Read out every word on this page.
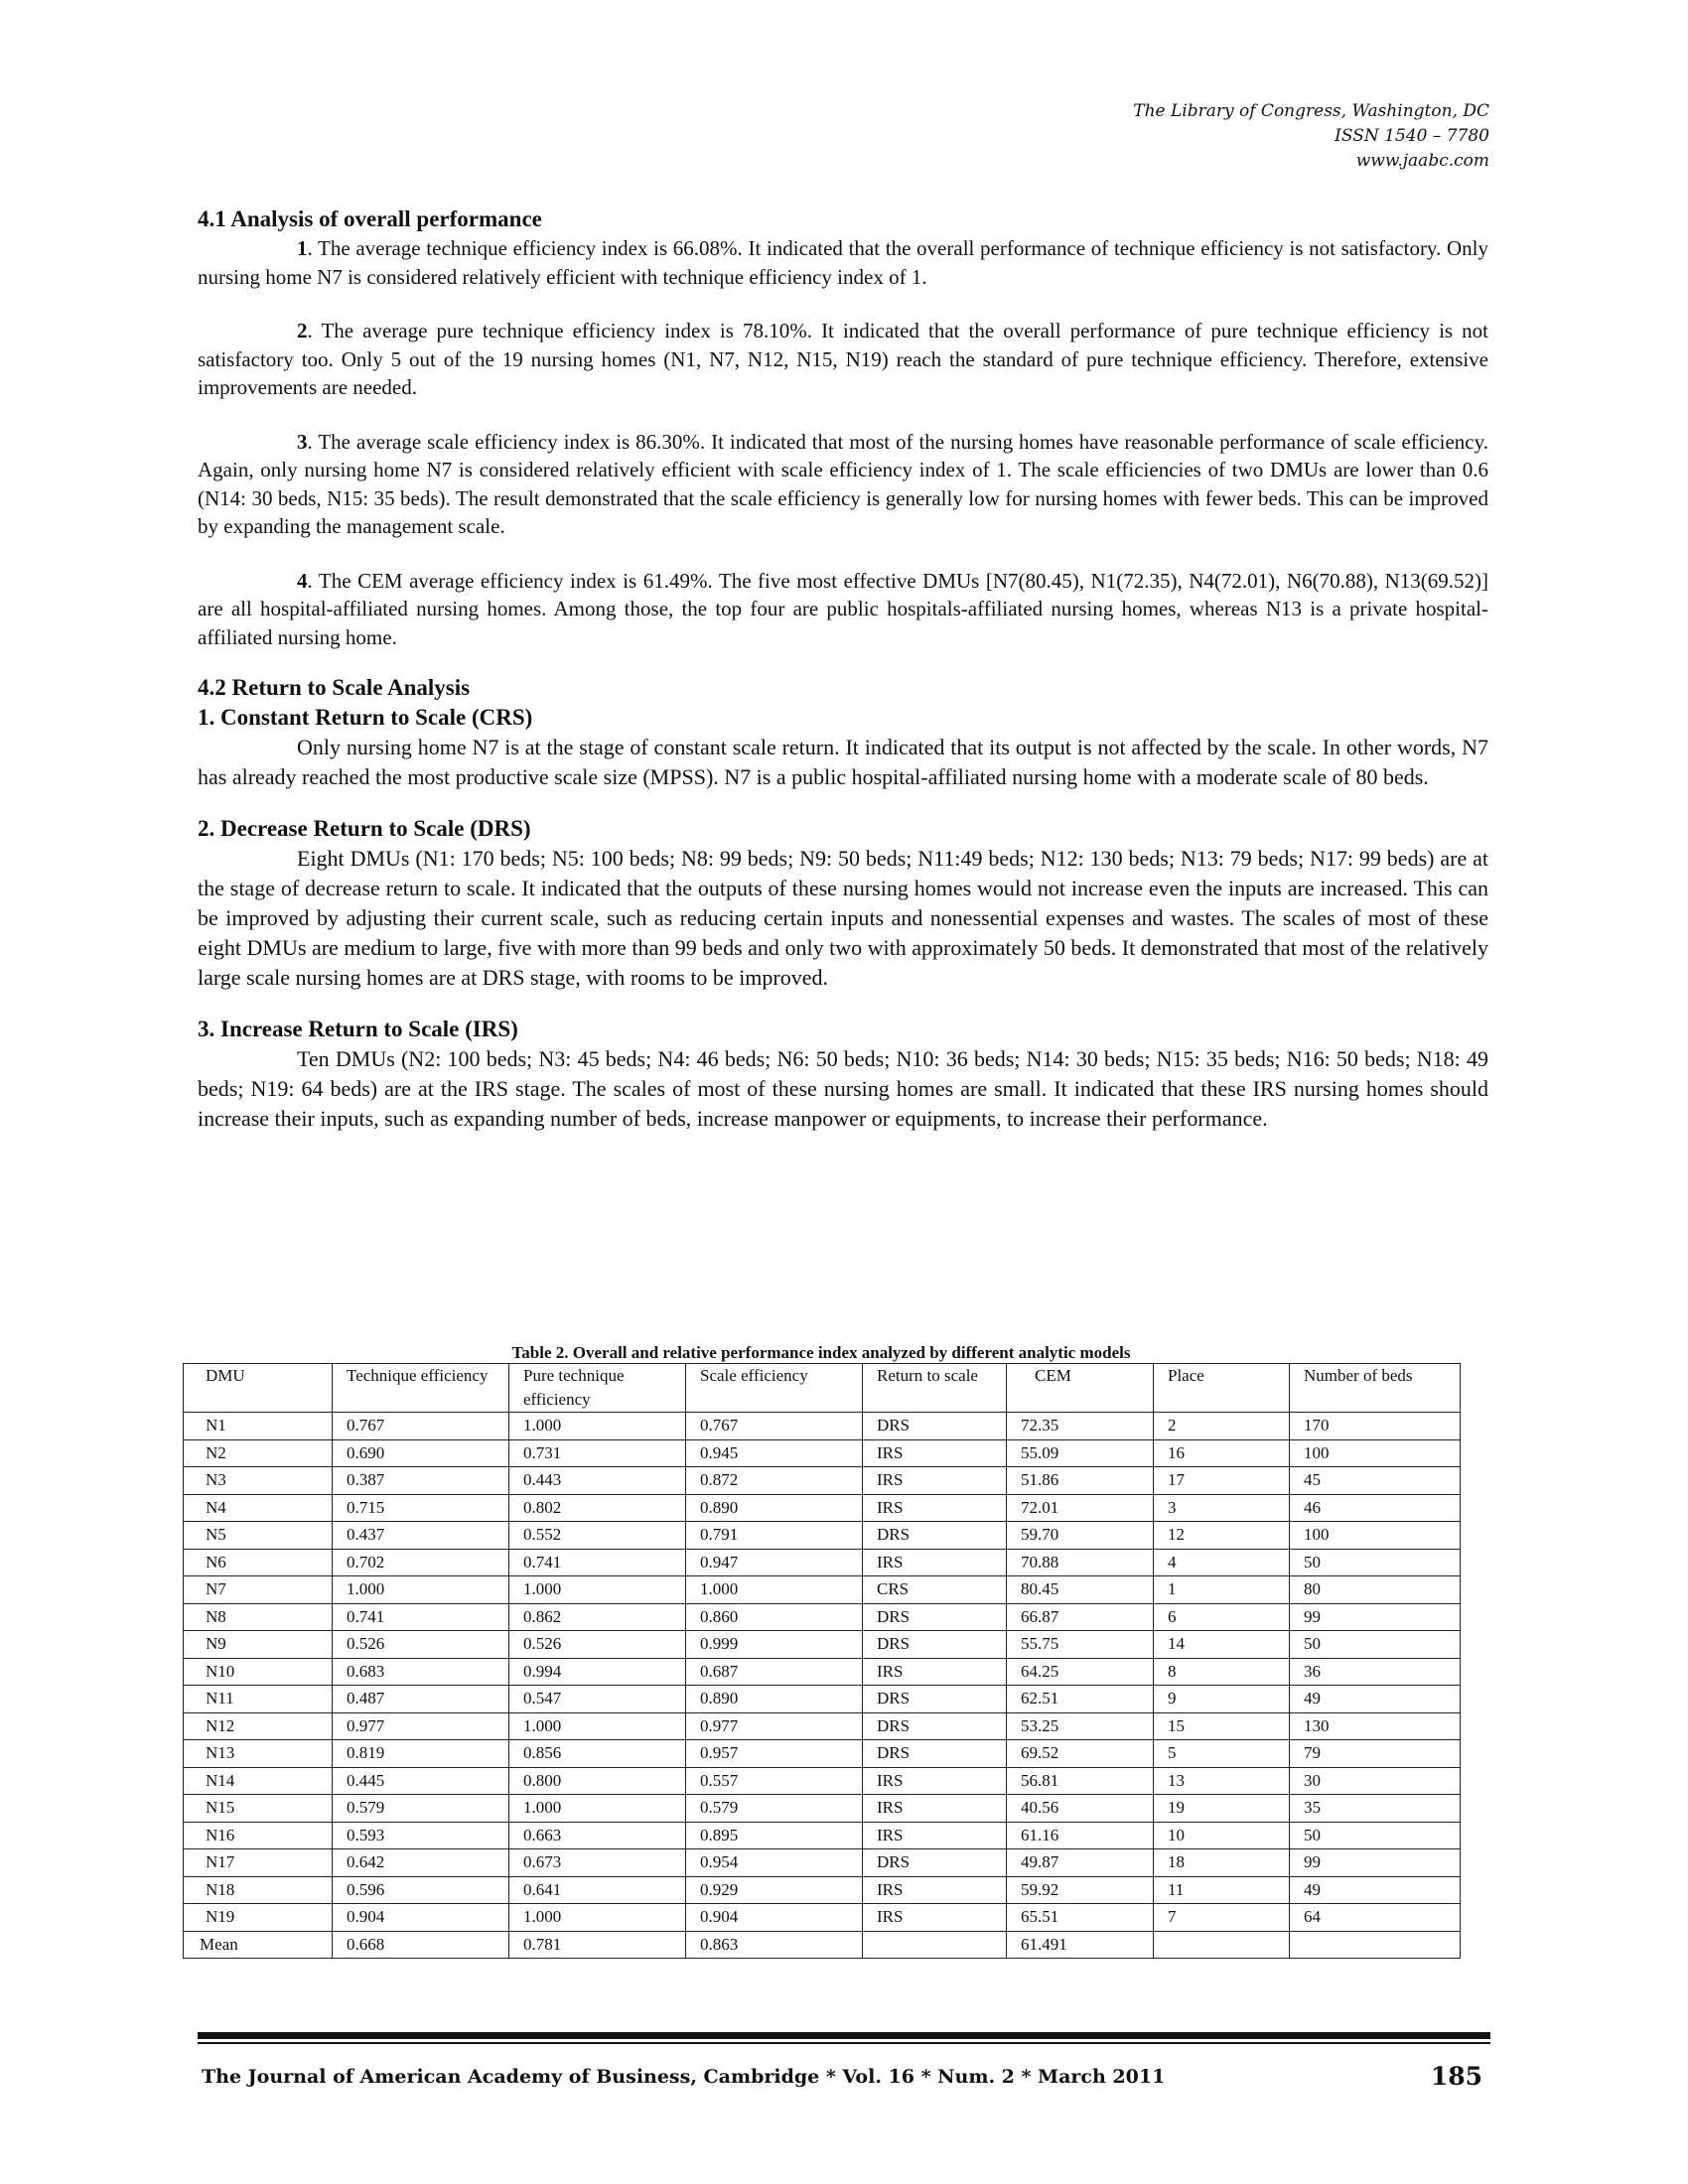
The Library of Congress, Washington, DC
ISSN 1540 – 7780
www.jaabc.com
4.1 Analysis of overall performance

1. The average technique efficiency index is 66.08%. It indicated that the overall performance of technique efficiency is not satisfactory. Only nursing home N7 is considered relatively efficient with technique efficiency index of 1.

2. The average pure technique efficiency index is 78.10%. It indicated that the overall performance of pure technique efficiency is not satisfactory too. Only 5 out of the 19 nursing homes (N1, N7, N12, N15, N19) reach the standard of pure technique efficiency. Therefore, extensive improvements are needed.

3. The average scale efficiency index is 86.30%. It indicated that most of the nursing homes have reasonable performance of scale efficiency. Again, only nursing home N7 is considered relatively efficient with scale efficiency index of 1. The scale efficiencies of two DMUs are lower than 0.6 (N14: 30 beds, N15: 35 beds). The result demonstrated that the scale efficiency is generally low for nursing homes with fewer beds. This can be improved by expanding the management scale.

4. The CEM average efficiency index is 61.49%. The five most effective DMUs [N7(80.45), N1(72.35), N4(72.01), N6(70.88), N13(69.52)] are all hospital-affiliated nursing homes. Among those, the top four are public hospitals-affiliated nursing homes, whereas N13 is a private hospital-affiliated nursing home.

4.2 Return to Scale Analysis
1. Constant Return to Scale (CRS)

Only nursing home N7 is at the stage of constant scale return. It indicated that its output is not affected by the scale. In other words, N7 has already reached the most productive scale size (MPSS). N7 is a public hospital-affiliated nursing home with a moderate scale of 80 beds.

2. Decrease Return to Scale (DRS)

Eight DMUs (N1: 170 beds; N5: 100 beds; N8: 99 beds; N9: 50 beds; N11:49 beds; N12: 130 beds; N13: 79 beds; N17: 99 beds) are at the stage of decrease return to scale. It indicated that the outputs of these nursing homes would not increase even the inputs are increased. This can be improved by adjusting their current scale, such as reducing certain inputs and nonessential expenses and wastes. The scales of most of these eight DMUs are medium to large, five with more than 99 beds and only two with approximately 50 beds. It demonstrated that most of the relatively large scale nursing homes are at DRS stage, with rooms to be improved.

3. Increase Return to Scale (IRS)

Ten DMUs (N2: 100 beds; N3: 45 beds; N4: 46 beds; N6: 50 beds; N10: 36 beds; N14: 30 beds; N15: 35 beds; N16: 50 beds; N18: 49 beds; N19: 64 beds) are at the IRS stage. The scales of most of these nursing homes are small. It indicated that these IRS nursing homes should increase their inputs, such as expanding number of beds, increase manpower or equipments, to increase their performance.

Table 2. Overall and relative performance index analyzed by different analytic models
DMU	Technique efficiency	Pure technique efficiency	Scale efficiency	Return to scale	CEM	Place	Number of beds
N1	0.767	1.000	0.767	DRS	72.35	2	170
N2	0.690	0.731	0.945	IRS	55.09	16	100
N3	0.387	0.443	0.872	IRS	51.86	17	45
N4	0.715	0.802	0.890	IRS	72.01	3	46
N5	0.437	0.552	0.791	DRS	59.70	12	100
N6	0.702	0.741	0.947	IRS	70.88	4	50
N7	1.000	1.000	1.000	CRS	80.45	1	80
N8	0.741	0.862	0.860	DRS	66.87	6	99
N9	0.526	0.526	0.999	DRS	55.75	14	50
N10	0.683	0.994	0.687	IRS	64.25	8	36
N11	0.487	0.547	0.890	DRS	62.51	9	49
N12	0.977	1.000	0.977	DRS	53.25	15	130
N13	0.819	0.856	0.957	DRS	69.52	5	79
N14	0.445	0.800	0.557	IRS	56.81	13	30
N15	0.579	1.000	0.579	IRS	40.56	19	35
N16	0.593	0.663	0.895	IRS	61.16	10	50
N17	0.642	0.673	0.954	DRS	49.87	18	99
N18	0.596	0.641	0.929	IRS	59.92	11	49
N19	0.904	1.000	0.904	IRS	65.51	7	64
Mean	0.668	0.781	0.863		61.491		
The Journal of American Academy of Business, Cambridge * Vol. 16 * Num. 2 * March 2011	185
